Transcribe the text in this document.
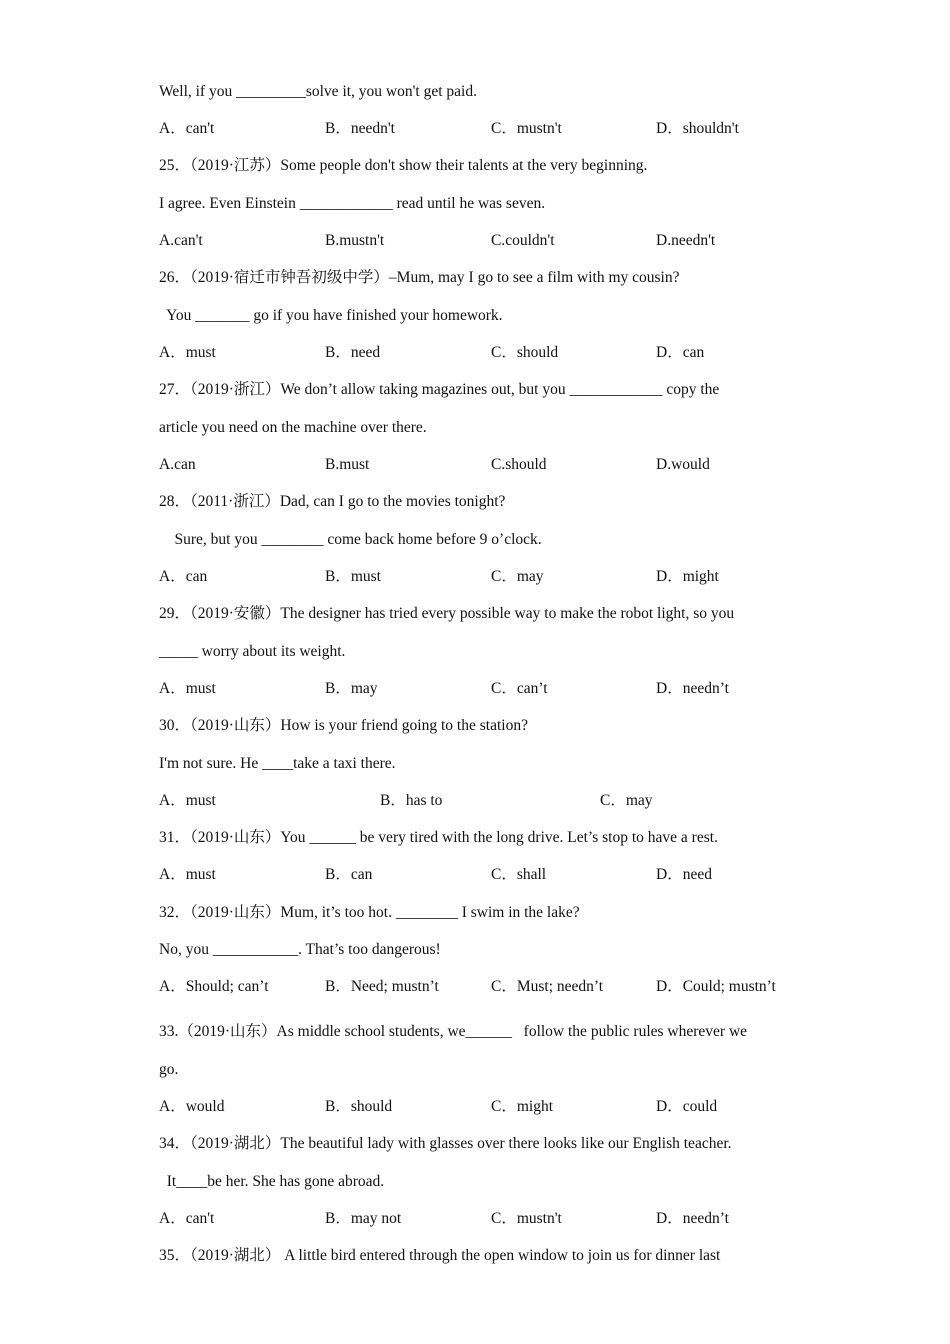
Well, if you _________solve it, you won't get paid.
A．can't	B．needn't	C．mustn't	D．shouldn't
25．（2019·江苏）Some people don't show their talents at the very beginning.
I agree. Even Einstein ____________ read until he was seven.
A.can't	B.mustn't	C.couldn't	D.needn't
26．（2019·宿迁市钟吾初级中学）–Mum, may I go to see a film with my cousin?
You _______ go if you have finished your homework.
A．must	B．need	C．should	D．can
27．（2019·浙江）We don’t allow taking magazines out, but you ____________ copy the
article you need on the machine over there.
A.can	B.must	C.should	D.would
28．（2011·浙江）Dad, can I go to the movies tonight?
Sure, but you ________ come back home before 9 o’clock.
A．can	B．must	C．may	D．might
29．（2019·安徽）The designer has tried every possible way to make the robot light, so you
_____ worry about its weight.
A．must	B．may	C．can’t	D．needn’t
30．（2019·山东）How is your friend going to the station?
I'm not sure. He ____take a taxi there.
A．must	B．has to	C．may
31．（2019·山东）You ______ be very tired with the long drive. Let’s stop to have a rest.
A．must	B．can	C．shall	D．need
32．（2019·山东）Mum, it’s too hot. ________ I swim in the lake?
No, you ___________. That’s too dangerous!
A．Should; can’t	B．Need; mustn’t	C．Must; needn’t	D．Could; mustn’t
33.（2019·山东）As middle school students, we______   follow the public rules wherever we
go.
A．would	B．should	C．might	D．could
34．（2019·湖北）The beautiful lady with glasses over there looks like our English teacher.
It____be her. She has gone abroad.
A．can't	B．may not	C．mustn't	D．needn’t
35．（2019·湖北） A little bird entered through the open window to join us for dinner last
